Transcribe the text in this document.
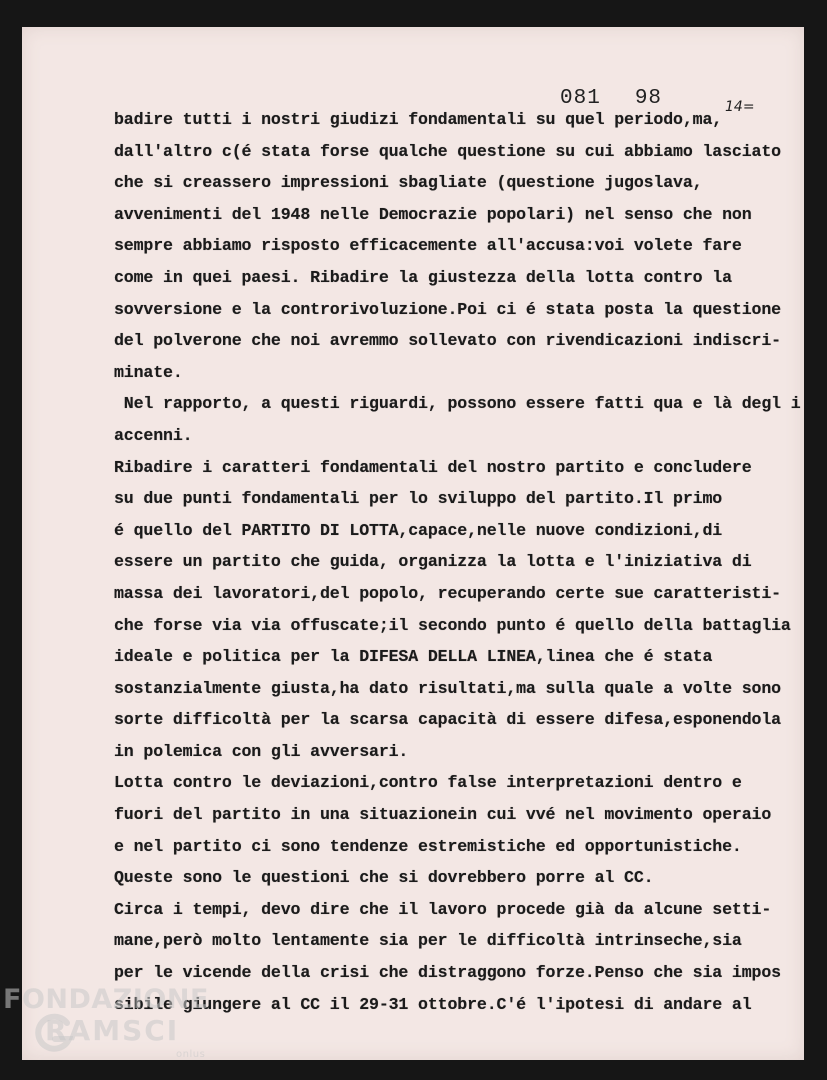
081 98	14=
badire tutti i nostri giudizi fondamentali su quel periodo,ma,
dall'altro c(é stata forse qualche questione su cui abbiamo lasciato
che si creassero impressioni sbagliate (questione jugoslava,
avvenimenti del 1948 nelle Democrazie popolari) nel senso che non
sempre abbiamo risposto efficacemente all'accusa:voi volete fare
come in quei paesi. Ribadire la giustezza della lotta contro la
sovversione e la controrivoluzione.Poi ci é stata posta la questione
del polverone che noi avremmo sollevato con rivendicazioni indiscri-
minate.
Nel rapporto, a questi riguardi, possono essere fatti qua e là degl i
accenni.
Ribadire i caratteri fondamentali del nostro partito e concludere
su due punti fondamentali per lo sviluppo del partito.Il primo
é quello del PARTITO DI LOTTA,capace,nelle nuove condizioni,di
essere un partito che guida, organizza la lotta e l'iniziativa di
massa dei lavoratori,del popolo, recuperando certe sue caratteristi-
che forse via via offuscate;il secondo punto é quello della battaglia
ideale e politica per la DIFESA DELLA LINEA,linea che é stata
sostanzialmente giusta,ha dato risultati,ma sulla quale a volte sono
sorte difficoltà per la scarsa capacità di essere difesa,esponendola
in polemica con gli avversari.
Lotta contro le deviazioni,contro false interpretazioni dentro e
fuori del partito in una situazionein cui vvé nel movimento operaio
e nel partito ci sono tendenze estremistiche ed opportunistiche.
Queste sono le questioni che si dovrebbero porre al CC.
Circa i tempi, devo dire che il lavoro procede già da alcune setti-
mane,però molto lentamente sia per le difficoltà intrinseche,sia
per le vicende della crisi che distraggono forze.Penso che sia impos
sibile giungere al CC il 29-31 ottobre.C'é l'ipotesi di andare al
FONDAZIONE
RAMSCI
onlus
